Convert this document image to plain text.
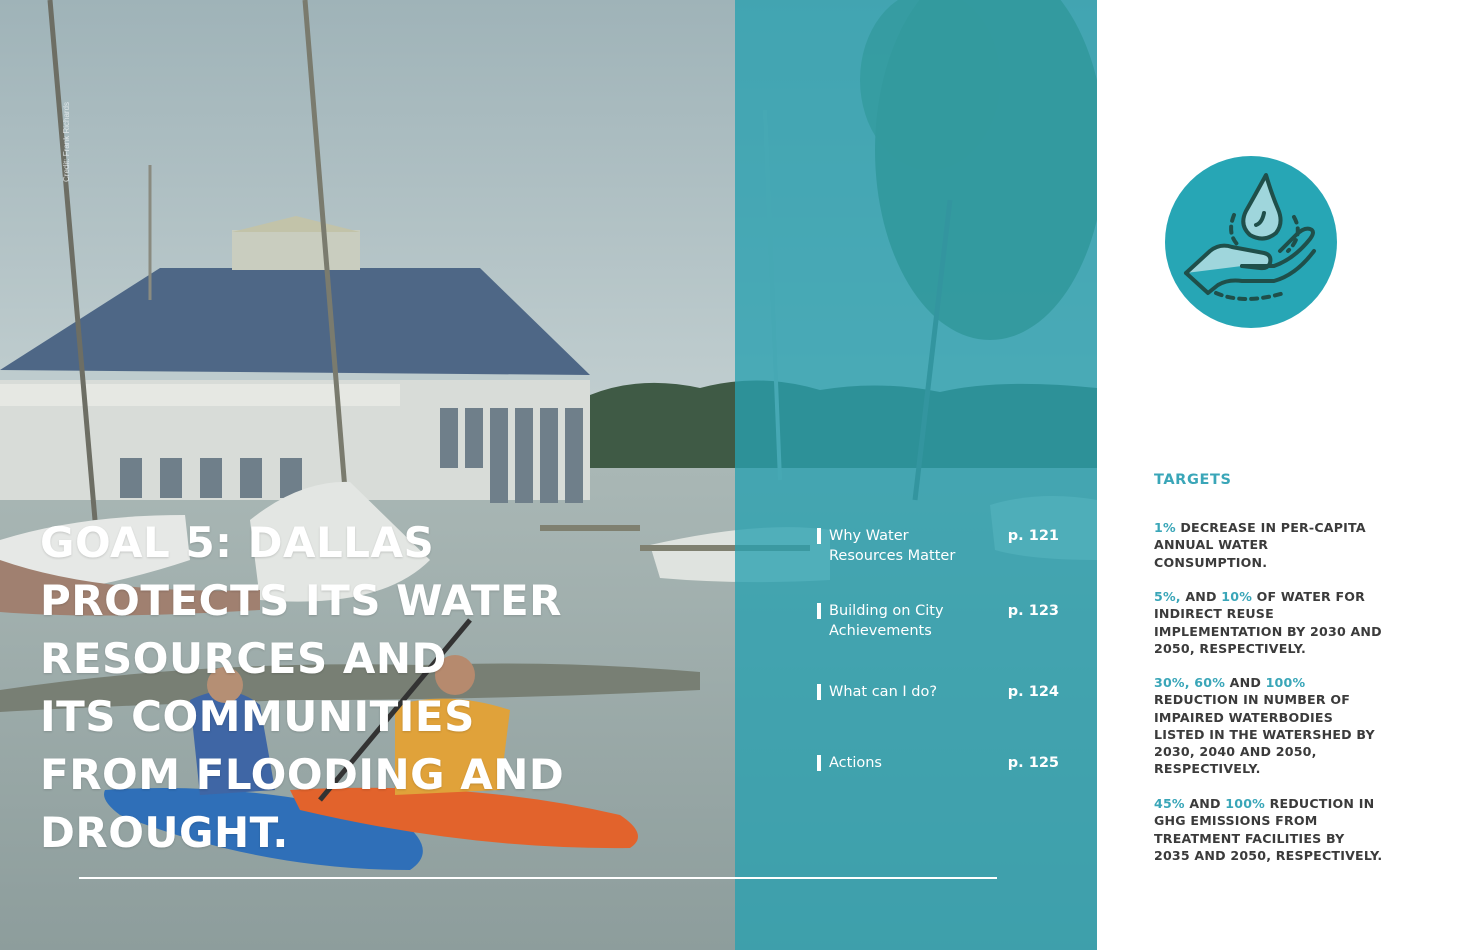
Credit: Frank Richards
GOAL 5: DALLAS
PROTECTS ITS WATER
RESOURCES AND
ITS COMMUNITIES
FROM FLOODING AND
DROUGHT.
Why Water
Resources Matter
p. 121
Building on City
Achievements
p. 123
What can I do?	p. 124
Actions	p. 125
TARGETS

1% DECREASE IN PER-CAPITA ANNUAL WATER CONSUMPTION.

5%, AND 10% OF WATER FOR INDIRECT REUSE IMPLEMENTATION BY 2030 AND 2050, RESPECTIVELY.

30%, 60% AND 100% REDUCTION IN NUMBER OF IMPAIRED WATERBODIES LISTED IN THE WATERSHED BY 2030, 2040 AND 2050, RESPECTIVELY.

45% AND 100% REDUCTION IN GHG EMISSIONS FROM TREATMENT FACILITIES BY 2035 AND 2050, RESPECTIVELY.
